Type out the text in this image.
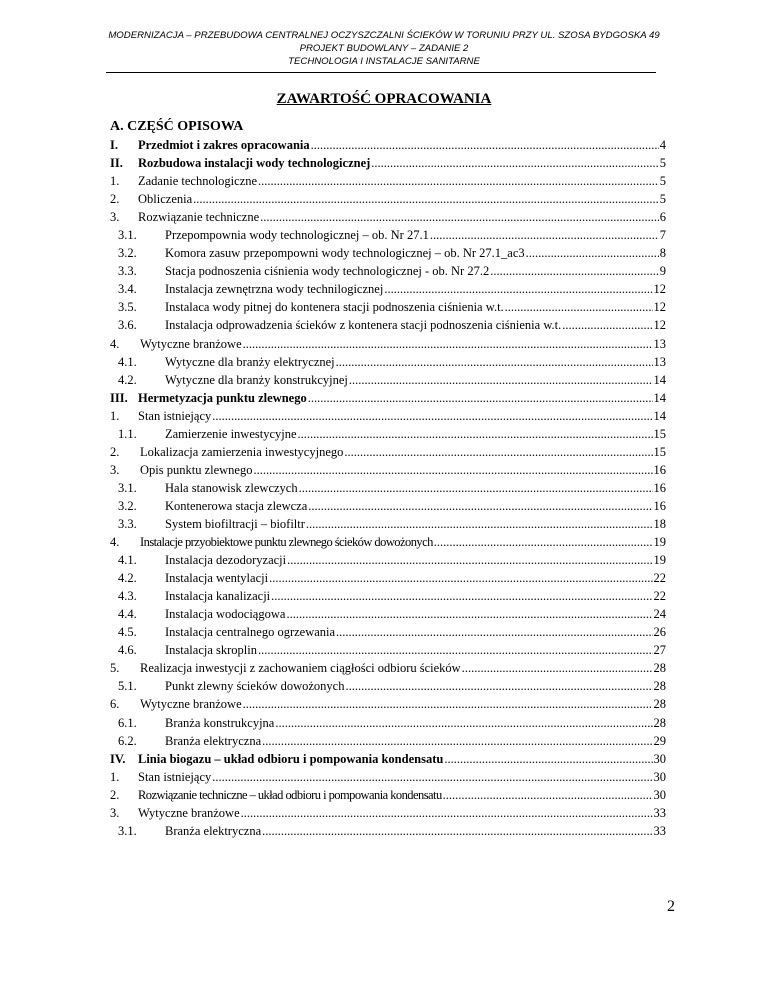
MODERNIZACJA – PRZEBUDOWA CENTRALNEJ OCZYSZCZALNI ŚCIEKÓW W TORUNIU PRZY UL. SZOSA BYDGOSKA 49
PROJEKT BUDOWLANY – ZADANIE 2
TECHNOLOGIA I INSTALACJE SANITARNE
ZAWARTOŚĆ OPRACOWANIA
A. CZĘŚĆ OPISOWA
I.	Przedmiot i zakres opracowania .....	4
II.	Rozbudowa instalacji wody technologicznej .....	5
1.	Zadanie technologiczne .....	5
2.	Obliczenia .....	5
3.	Rozwiązanie techniczne .....	6
3.1.	Przepompownia wody technologicznej – ob. Nr 27.1 .....	7
3.2.	Komora zasuw przepompowni wody technologicznej – ob. Nr 27.1_ac3 .....	8
3.3.	Stacja podnoszenia ciśnienia wody technologicznej - ob. Nr 27.2 .....	9
3.4.	Instalacja zewnętrzna wody technilogicznej .....	12
3.5.	Instalaca wody pitnej do kontenera stacji podnoszenia ciśnienia w.t. .....	12
3.6.	Instalacja odprowadzenia ścieków z kontenera stacji podnoszenia ciśnienia w.t. .....	12
4.	Wytyczne branżowe .....	13
4.1.	Wytyczne dla branży elektrycznej .....	13
4.2.	Wytyczne dla branży konstrukcyjnej .....	14
III. Hermetyzacja punktu zlewnego .....	14
1.	Stan istniejący .....	14
1.1.	Zamierzenie inwestycyjne .....	15
2.	Lokalizacja zamierzenia inwestycyjnego .....	15
3.	Opis punktu zlewnego .....	16
3.1.	Hala stanowisk zlewczych .....	16
3.2.	Kontenerowa stacja zlewcza .....	16
3.3.	System biofiltracji – biofiltr .....	18
4.	Instalacje przyobiektowe punktu zlewnego ścieków dowożonych .....	19
4.1.	Instalacja dezodoryzacji .....	19
4.2.	Instalacja wentylacji .....	22
4.3.	Instalacja kanalizacji .....	22
4.4.	Instalacja wodociągowa .....	24
4.5.	Instalacja centralnego ogrzewania .....	26
4.6.	Instalacja skroplin .....	27
5.	Realizacja inwestycji z zachowaniem ciągłości odbioru ścieków .....	28
5.1.	Punkt zlewny ścieków dowożonych .....	28
6.	Wytyczne branżowe .....	28
6.1.	Branża konstrukcyjna .....	28
6.2.	Branża elektryczna .....	29
IV.	Linia biogazu – układ odbioru i pompowania kondensatu .....	30
1.	Stan istniejący .....	30
2.	Rozwiązanie techniczne – układ odbioru i pompowania kondensatu .....	30
3.	Wytyczne branżowe .....	33
3.1.	Branża elektryczna .....	33
2
